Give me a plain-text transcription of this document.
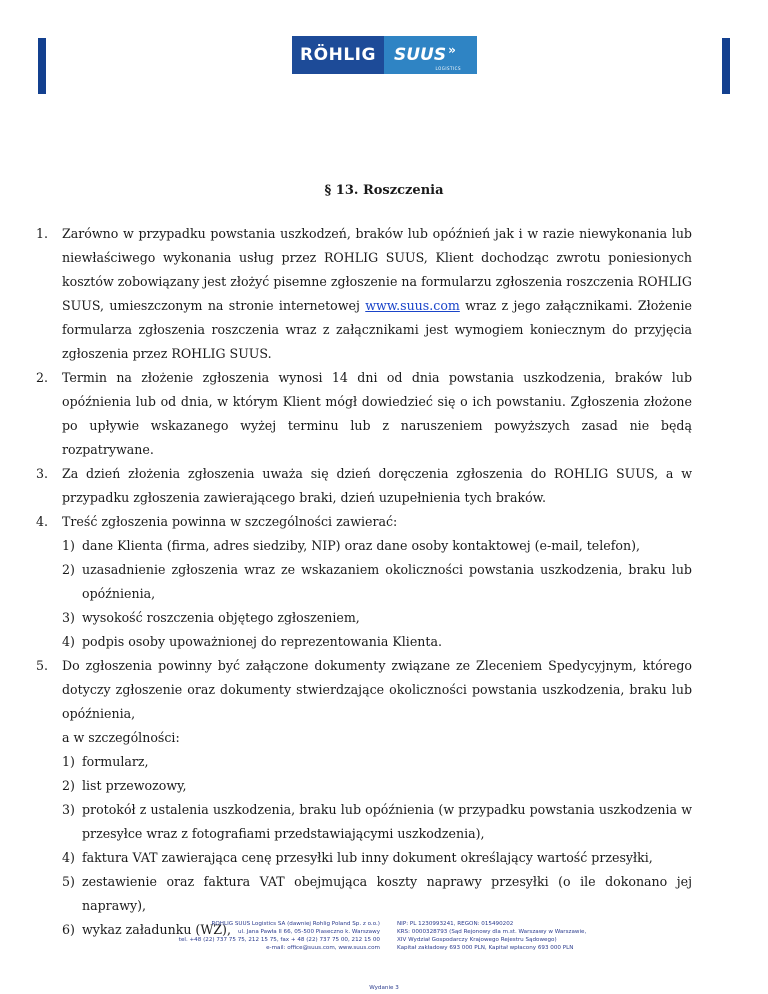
RÖHLIG	SUUS »
LOGISTICS
§ 13. Roszczenia
1.	Zarówno w przypadku powstania uszkodzeń, braków lub opóźnień jak i w razie niewykonania lub niewłaściwego wykonania usług przez ROHLIG SUUS, Klient dochodząc zwrotu poniesionych kosztów zobowiązany jest złożyć pisemne zgłoszenie na formularzu zgłoszenia roszczenia ROHLIG SUUS, umieszczonym na stronie internetowej www.suus.com wraz z jego załącznikami. Złożenie formularza zgłoszenia roszczenia wraz z załącznikami jest wymogiem koniecznym do przyjęcia zgłoszenia przez ROHLIG SUUS.
2.	Termin na złożenie zgłoszenia wynosi 14 dni od dnia powstania uszkodzenia, braków lub opóźnienia lub od dnia, w którym Klient mógł dowiedzieć się o ich powstaniu. Zgłoszenia złożone po upływie wskazanego wyżej terminu lub z naruszeniem powyższych zasad nie będą rozpatrywane.
3.	Za dzień złożenia zgłoszenia uważa się dzień doręczenia zgłoszenia do ROHLIG SUUS, a w przypadku zgłoszenia zawierającego braki, dzień uzupełnienia tych braków.
4.	Treść zgłoszenia powinna w szczególności zawierać:
1) dane Klienta (firma, adres siedziby, NIP) oraz dane osoby kontaktowej (e-mail, telefon),
2) uzasadnienie zgłoszenia wraz ze wskazaniem okoliczności powstania uszkodzenia, braku lub opóźnienia,
3) wysokość roszczenia objętego zgłoszeniem,
4) podpis osoby upoważnionej do reprezentowania Klienta.
5.	Do zgłoszenia powinny być załączone dokumenty związane ze Zleceniem Spedycyjnym, którego dotyczy zgłoszenie oraz dokumenty stwierdzające okoliczności powstania uszkodzenia, braku lub opóźnienia,
a w szczególności:
1) formularz,
2) list przewozowy,
3) protokół z ustalenia uszkodzenia, braku lub opóźnienia (w przypadku powstania uszkodzenia w przesyłce wraz z fotografiami przedstawiającymi uszkodzenia),
4) faktura VAT zawierająca cenę przesyłki lub inny dokument określający wartość przesyłki,
5) zestawienie oraz faktura VAT obejmująca koszty naprawy przesyłki (o ile dokonano jej naprawy),
6) wykaz załadunku (WZ),
ROHLIG SUUS Logistics SA (dawniej Rohlig Poland Sp. z o.o.)
ul. Jana Pawła II 66, 05-500 Piaseczno k. Warszawy
tel. +48 (22) 737 75 75, 212 15 75, fax + 48 (22) 737 75 00, 212 15 00
e-mail: office@suus.com, www.suus.com
NIP: PL 1230993241, REGON: 015490202
KRS: 0000328793 (Sąd Rejonowy dla m.st. Warszawy w Warszawie,
XIV Wydział Gospodarczy Krajowego Rejestru Sądowego)
Kapitał zakładowy 693 000 PLN, Kapitał wpłacony 693 000 PLN
Wydanie 3
